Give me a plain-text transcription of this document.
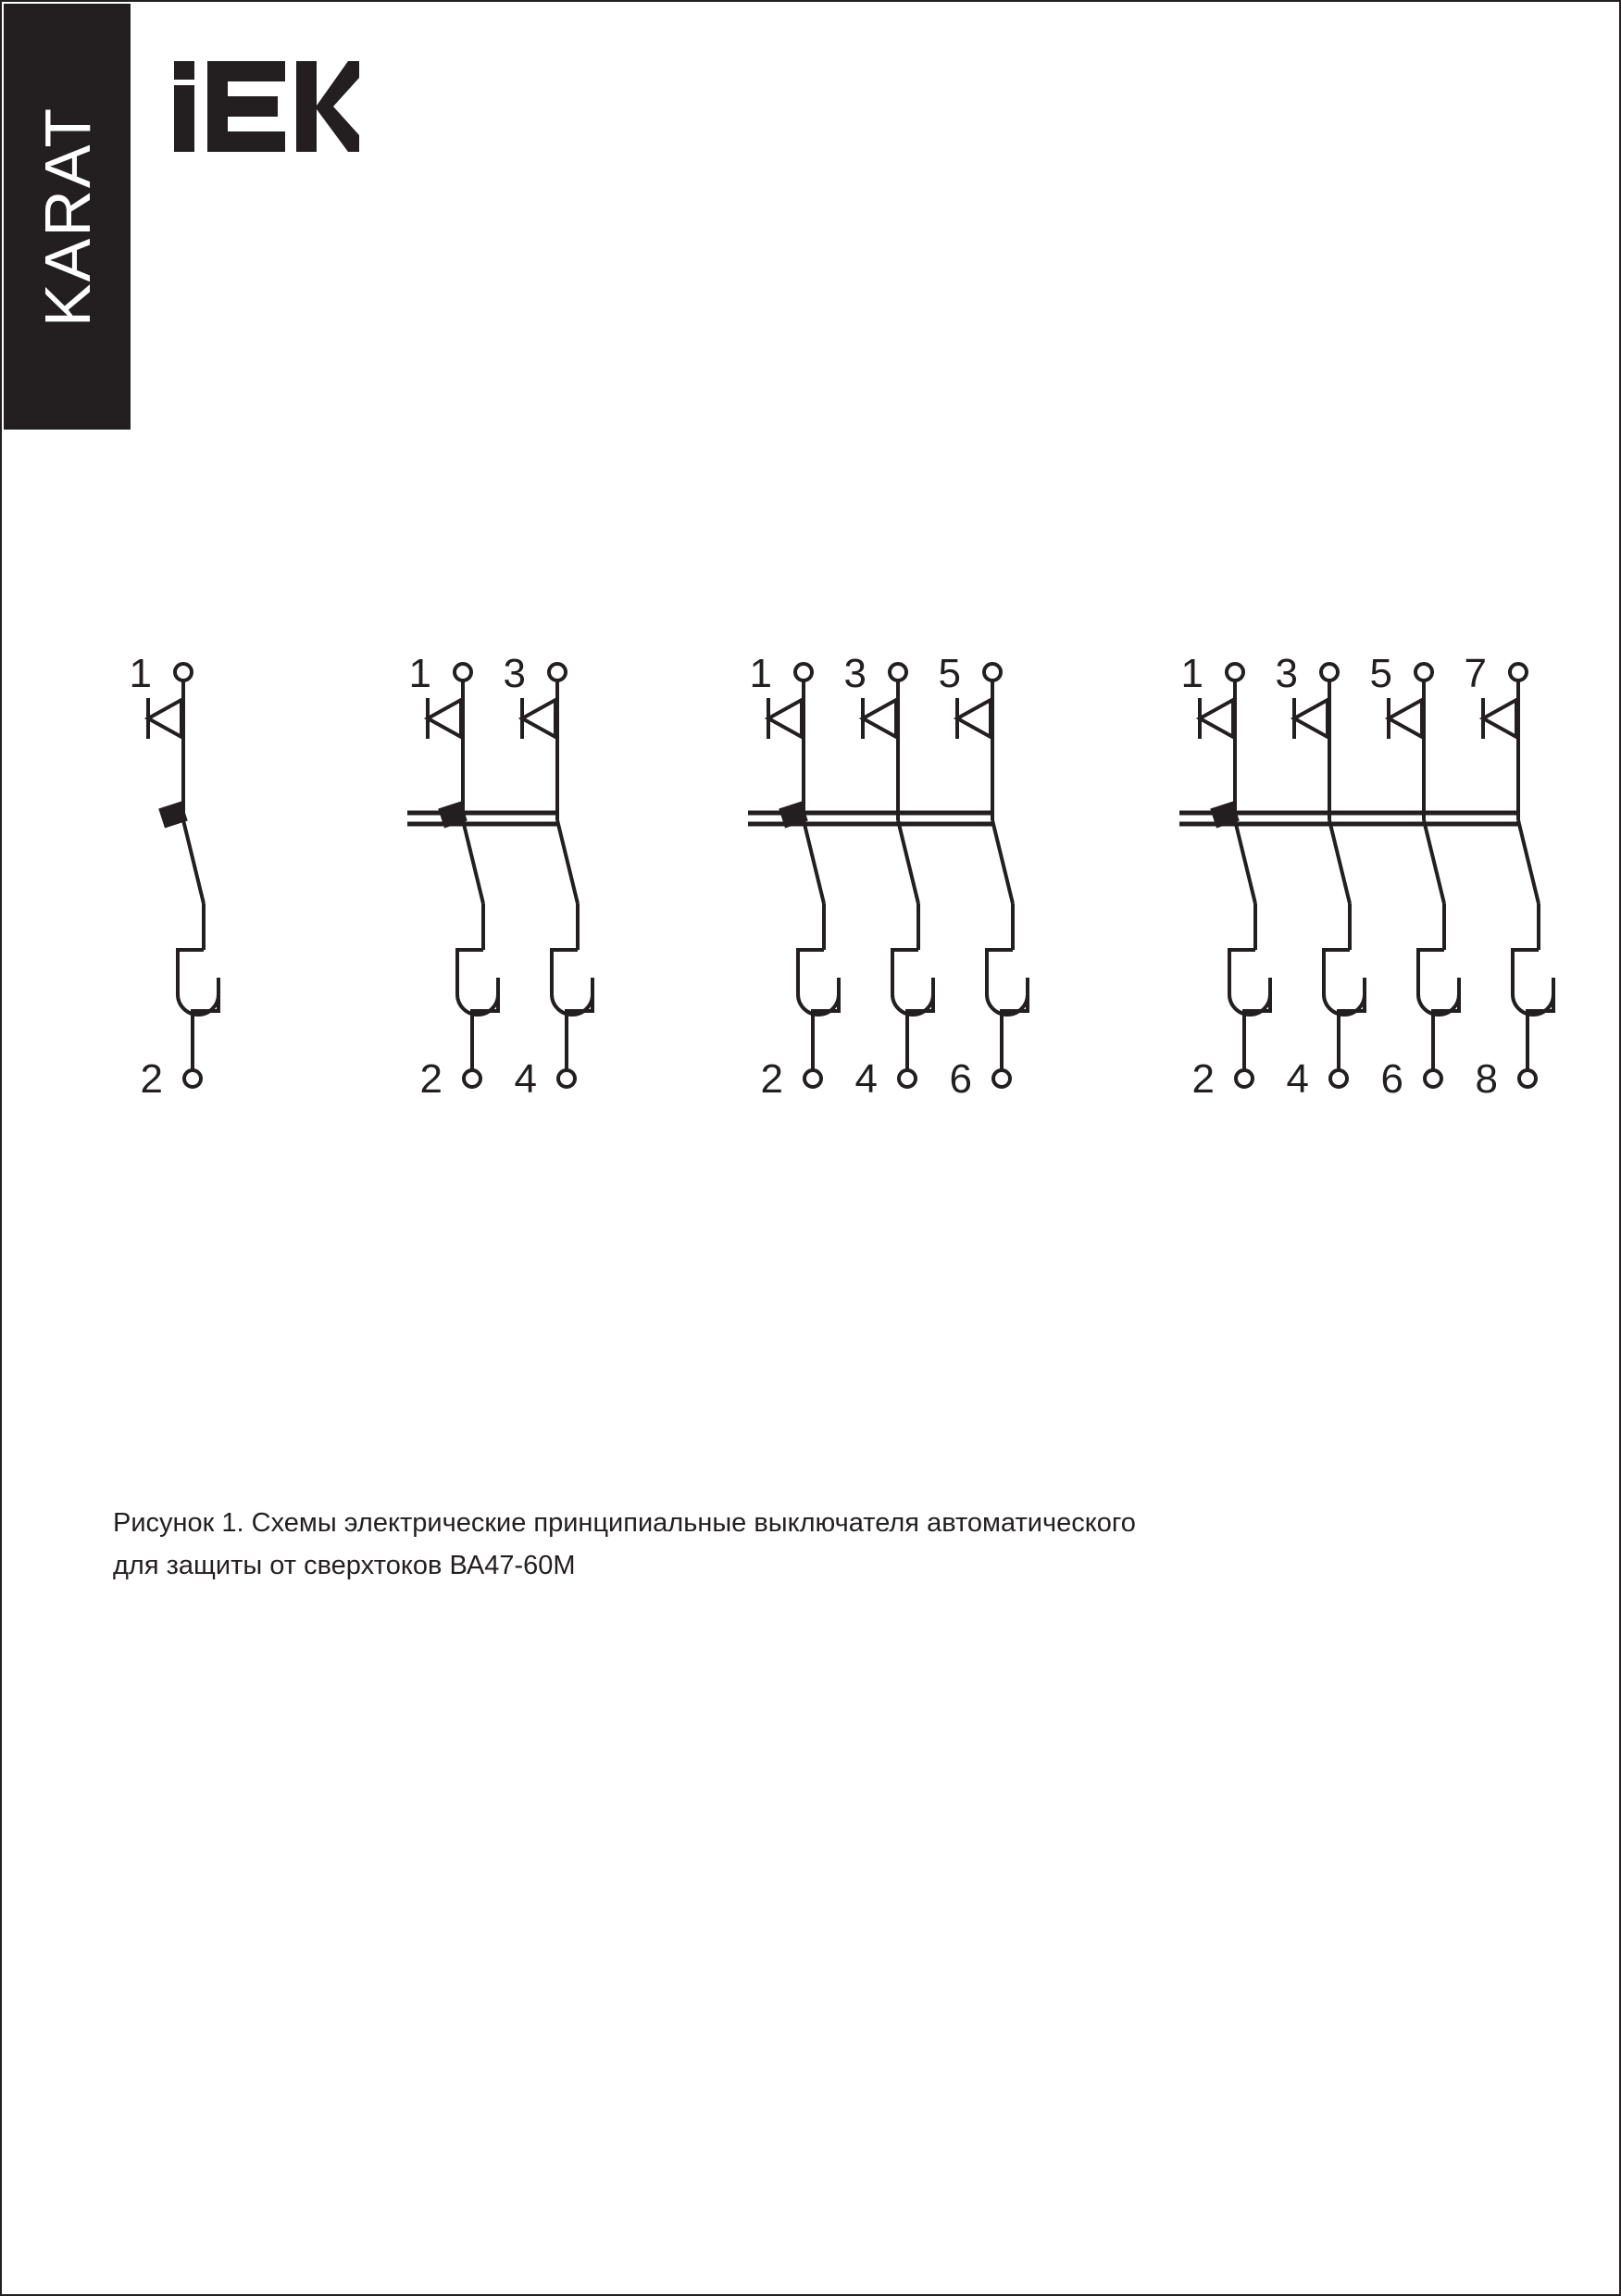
KARAT
1
2
1 3
2 4
1 3 5
2 4 6
1 3 5 7
2 4 6 8
Рисунок 1. Схемы электрические принципиальные выключателя автоматического
для защиты от сверхтоков ВА47-60М
